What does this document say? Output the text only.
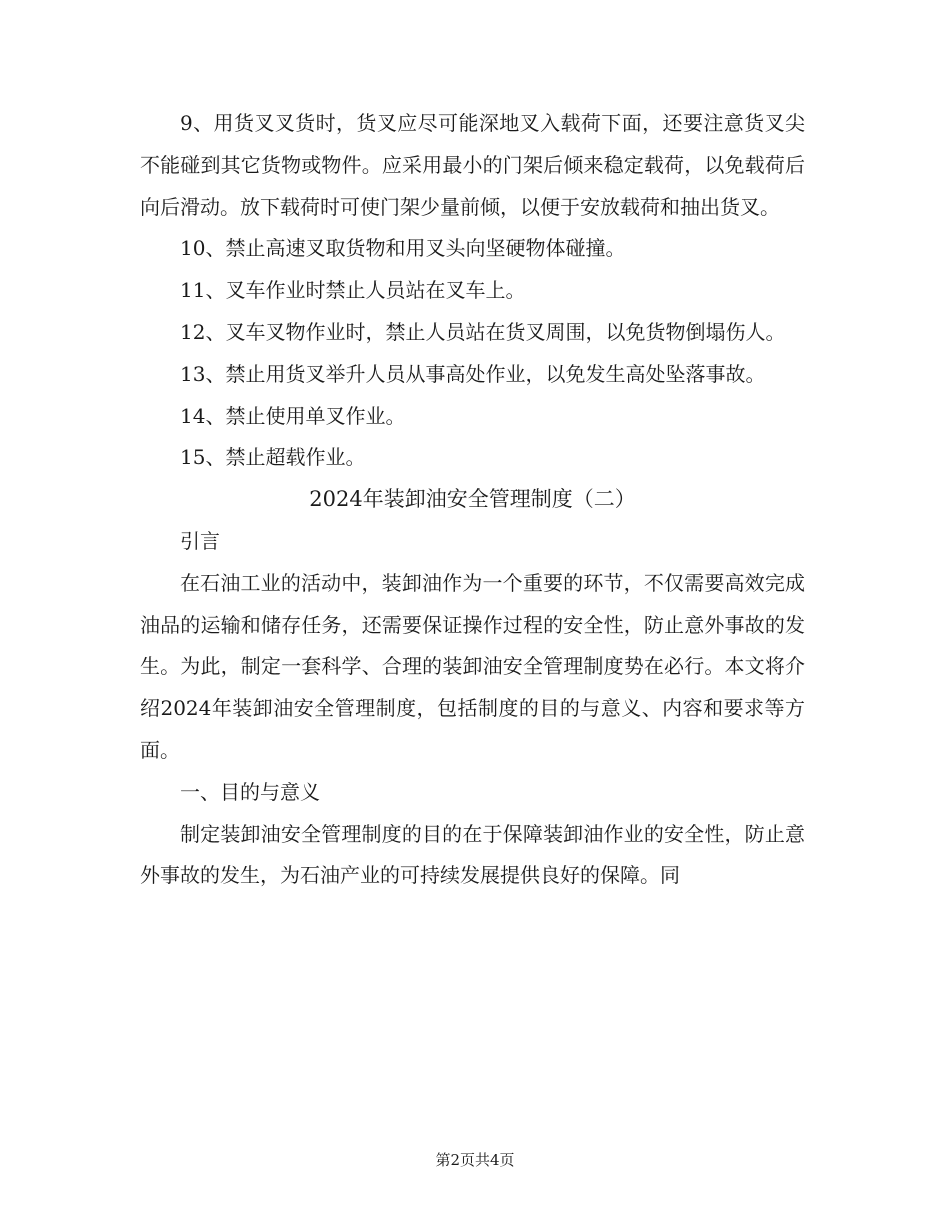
9、用货叉叉货时，货叉应尽可能深地叉入载荷下面，还要注意货叉尖不能碰到其它货物或物件。应采用最小的门架后倾来稳定载荷，以免载荷后向后滑动。放下载荷时可使门架少量前倾，以便于安放载荷和抽出货叉。

10、禁止高速叉取货物和用叉头向坚硬物体碰撞。

11、叉车作业时禁止人员站在叉车上。

12、叉车叉物作业时，禁止人员站在货叉周围，以免货物倒塌伤人。

13、禁止用货叉举升人员从事高处作业，以免发生高处坠落事故。

14、禁止使用单叉作业。

15、禁止超载作业。

2024年装卸油安全管理制度（二）

引言

在石油工业的活动中，装卸油作为一个重要的环节，不仅需要高效完成油品的运输和储存任务，还需要保证操作过程的安全性，防止意外事故的发生。为此，制定一套科学、合理的装卸油安全管理制度势在必行。本文将介绍2024年装卸油安全管理制度，包括制度的目的与意义、内容和要求等方面。

一、目的与意义

制定装卸油安全管理制度的目的在于保障装卸油作业的安全性，防止意外事故的发生，为石油产业的可持续发展提供良好的保障。同

第2页共4页
